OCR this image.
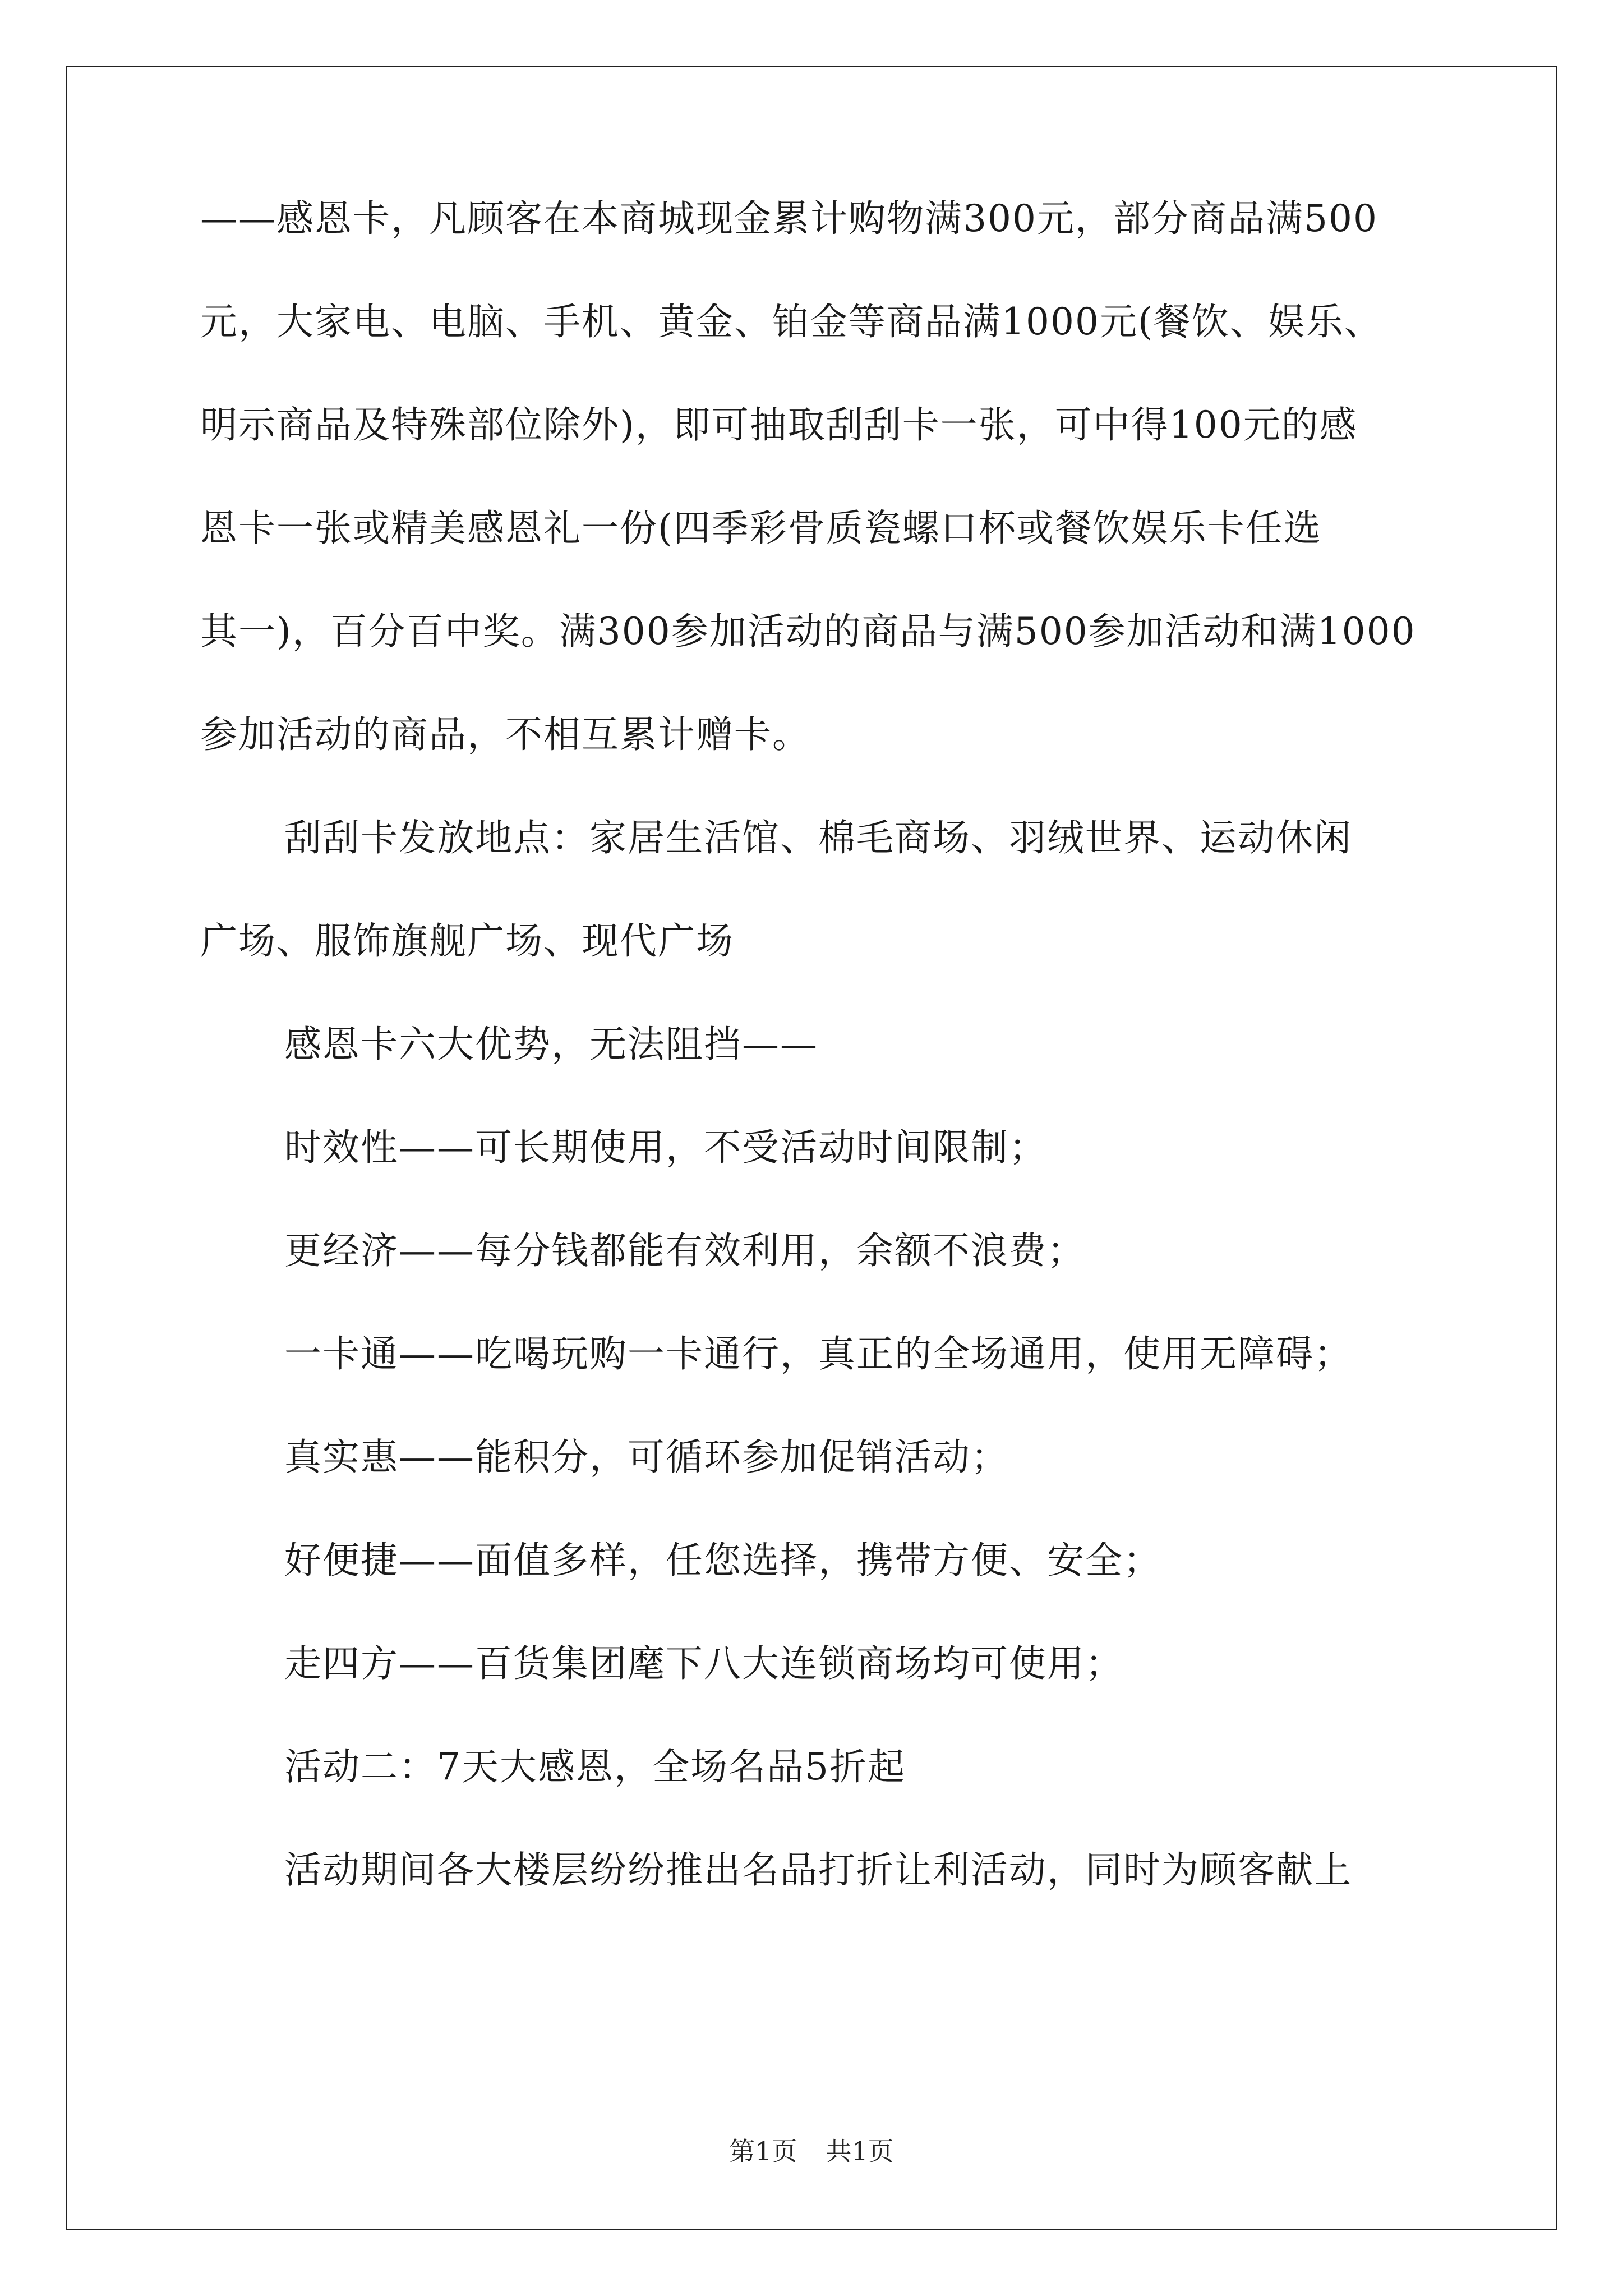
——感恩卡，凡顾客在本商城现金累计购物满300元，部分商品满500
元，大家电、电脑、手机、黄金、铂金等商品满1000元(餐饮、娱乐、
明示商品及特殊部位除外)，即可抽取刮刮卡一张，可中得100元的感
恩卡一张或精美感恩礼一份(四季彩骨质瓷螺口杯或餐饮娱乐卡任选
其一)，百分百中奖。满300参加活动的商品与满500参加活动和满1000
参加活动的商品，不相互累计赠卡。
刮刮卡发放地点：家居生活馆、棉毛商场、羽绒世界、运动休闲
广场、服饰旗舰广场、现代广场
感恩卡六大优势，无法阻挡——
时效性——可长期使用，不受活动时间限制；
更经济——每分钱都能有效利用，余额不浪费；
一卡通——吃喝玩购一卡通行，真正的全场通用，使用无障碍；
真实惠——能积分，可循环参加促销活动；
好便捷——面值多样，任您选择，携带方便、安全；
走四方——百货集团麾下八大连锁商场均可使用；
活动二：7天大感恩，全场名品5折起
活动期间各大楼层纷纷推出名品打折让利活动，同时为顾客献上
第1页 共1页
